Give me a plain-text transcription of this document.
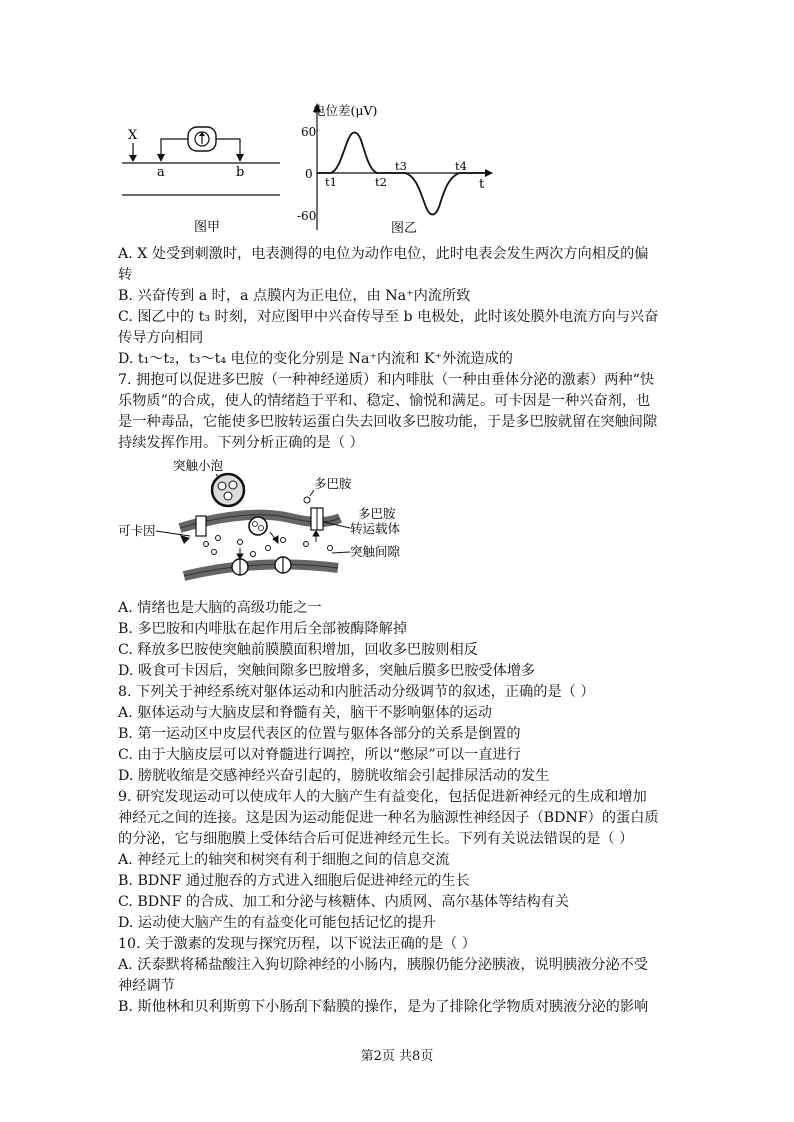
X
a	b
图甲
电位差(μV)
60
0
-60
t1	t2
t3	t4
t
图乙
A. X 处受到刺激时，电表测得的电位为动作电位，此时电表会发生两次方向相反的偏
转
B. 兴奋传到 a 时，a 点膜内为正电位，由 Na⁺内流所致
C. 图乙中的 t₃ 时刻，对应图甲中兴奋传导至 b 电极处，此时该处膜外电流方向与兴奋
传导方向相同
D. t₁～t₂，t₃～t₄ 电位的变化分别是 Na⁺内流和 K⁺外流造成的
7. 拥抱可以促进多巴胺（一种神经递质）和内啡肽（一种由垂体分泌的激素）两种“快
乐物质”的合成，使人的情绪趋于平和、稳定、愉悦和满足。可卡因是一种兴奋剂，也
是一种毒品，它能使多巴胺转运蛋白失去回收多巴胺功能，于是多巴胺就留在突触间隙
持续发挥作用。下列分析正确的是（ ）
突触小泡
多巴胺
多巴胺
转运载体
可卡因
突触间隙
A. 情绪也是大脑的高级功能之一
B. 多巴胺和内啡肽在起作用后全部被酶降解掉
C. 释放多巴胺使突触前膜膜面积增加，回收多巴胺则相反
D. 吸食可卡因后，突触间隙多巴胺增多，突触后膜多巴胺受体增多
8. 下列关于神经系统对躯体运动和内脏活动分级调节的叙述，正确的是（ ）
A. 躯体运动与大脑皮层和脊髓有关，脑干不影响躯体的运动
B. 第一运动区中皮层代表区的位置与躯体各部分的关系是倒置的
C. 由于大脑皮层可以对脊髓进行调控，所以“憋尿”可以一直进行
D. 膀胱收缩是交感神经兴奋引起的，膀胱收缩会引起排尿活动的发生
9. 研究发现运动可以使成年人的大脑产生有益变化，包括促进新神经元的生成和增加
神经元之间的连接。这是因为运动能促进一种名为脑源性神经因子（BDNF）的蛋白质
的分泌，它与细胞膜上受体结合后可促进神经元生长。下列有关说法错误的是（ ）
A. 神经元上的轴突和树突有利于细胞之间的信息交流
B. BDNF 通过胞吞的方式进入细胞后促进神经元的生长
C. BDNF 的合成、加工和分泌与核糖体、内质网、高尔基体等结构有关
D. 运动使大脑产生的有益变化可能包括记忆的提升
10. 关于激素的发现与探究历程，以下说法正确的是（ ）
A. 沃泰默将稀盐酸注入狗切除神经的小肠内，胰腺仍能分泌胰液，说明胰液分泌不受
神经调节
B. 斯他林和贝利斯剪下小肠刮下黏膜的操作，是为了排除化学物质对胰液分泌的影响
第2页 共8页
